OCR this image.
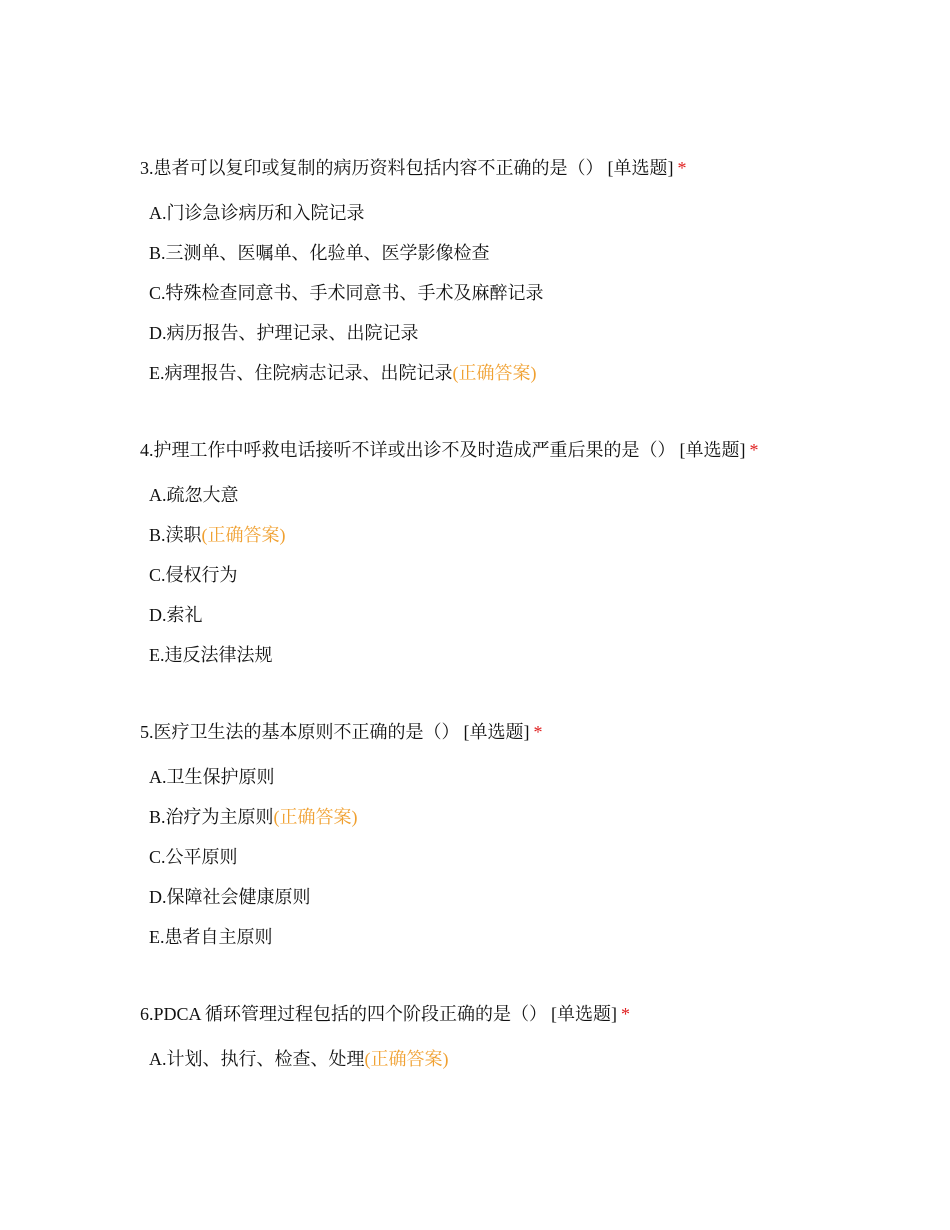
3.患者可以复印或复制的病历资料包括内容不正确的是（） [单选题] *
A.门诊急诊病历和入院记录
B.三测单、医嘱单、化验单、医学影像检查
C.特殊检查同意书、手术同意书、手术及麻醉记录
D.病历报告、护理记录、出院记录
E.病理报告、住院病志记录、出院记录(正确答案)
4.护理工作中呼救电话接听不详或出诊不及时造成严重后果的是（） [单选题] *
A.疏忽大意
B.渎职(正确答案)
C.侵权行为
D.索礼
E.违反法律法规
5.医疗卫生法的基本原则不正确的是（） [单选题] *
A.卫生保护原则
B.治疗为主原则(正确答案)
C.公平原则
D.保障社会健康原则
E.患者自主原则
6.PDCA 循环管理过程包括的四个阶段正确的是（） [单选题] *
A.计划、执行、检查、处理(正确答案)
